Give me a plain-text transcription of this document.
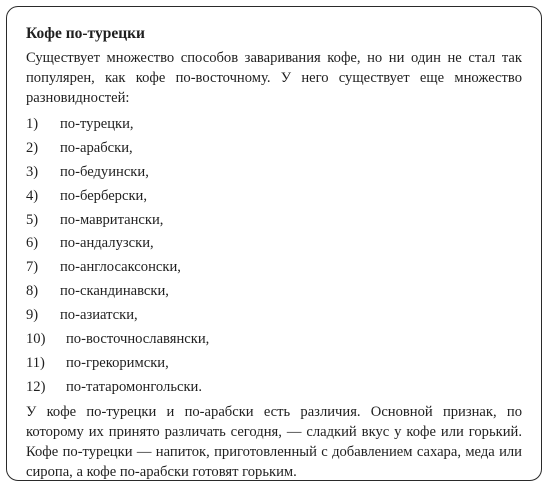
Кофе по-турецки

Существует множество способов заваривания кофе, но ни один не стал так популярен, как кофе по-восточному. У него существует еще множество разновидностей:

1) по-турецки,
2) по-арабски,
3) по-бедуински,
4) по-берберски,
5) по-мавритански,
6) по-андалузски,
7) по-англосаксонски,
8) по-скандинавски,
9) по-азиатски,
10) по-восточнославянски,
11) по-грекоримски,
12) по-татаромонгольски.

У кофе по-турецки и по-арабски есть различия. Основной признак, по которому их принято различать сегодня, — сладкий вкус у кофе или горький. Кофе по-турецки — напиток, приготовленный с добавлением сахара, меда или сиропа, а кофе по-арабски готовят горьким.
